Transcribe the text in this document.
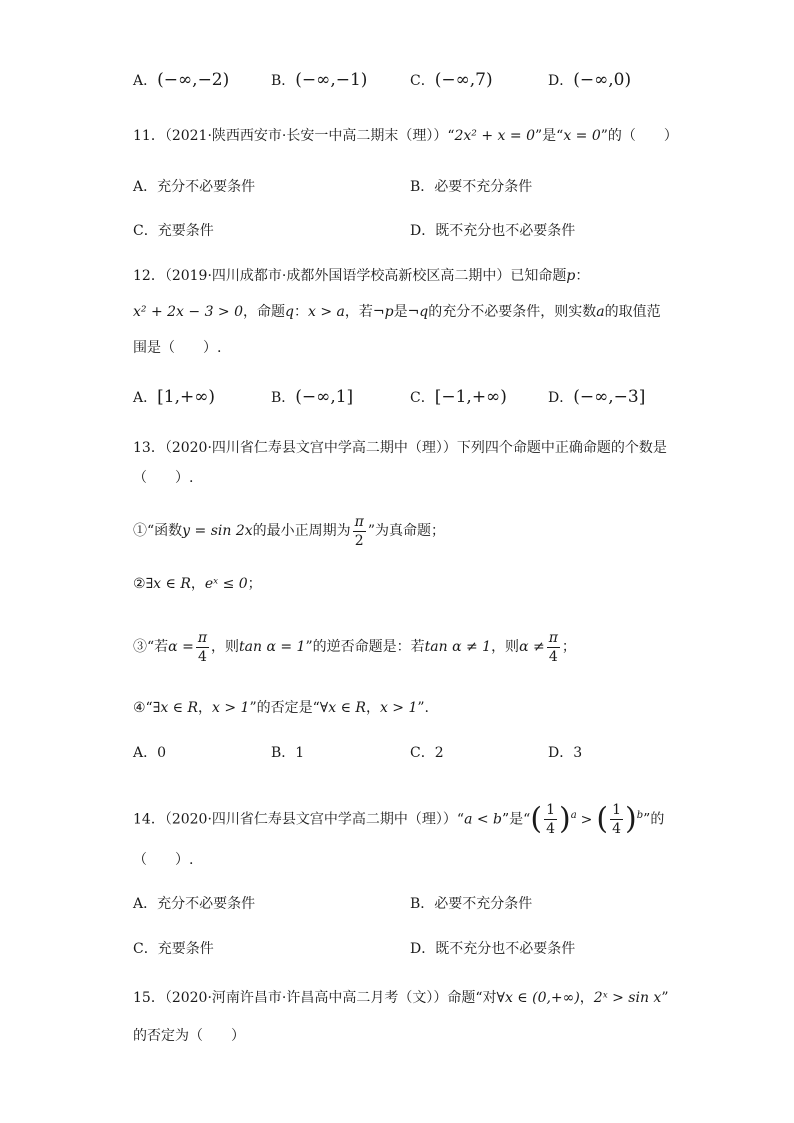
A．(−∞,−2)	B．(−∞,−1)	C．(−∞,7)	D．(−∞,0)
11．（2021·陕西西安市·长安一中高二期末（理））“2x² + x = 0”是“x = 0”的（　　）
A．充分不必要条件	B．必要不充分条件
C．充要条件	D．既不充分也不必要条件
12．（2019·四川成都市·成都外国语学校高新校区高二期中）已知命题p：
x² + 2x − 3 > 0，命题q：x > a，若¬p是¬q的充分不必要条件，则实数a的取值范
围是（　　）.
A．[1,+∞)	B．(−∞,1]	C．[−1,+∞)	D．(−∞,−3]
13．（2020·四川省仁寿县文宫中学高二期中（理））下列四个命题中正确命题的个数是
（　　）.
①“函数y = sin 2x的最小正周期为 $\frac{\pi}{2}$ ”为真命题；
②∃x ∈ R，eˣ ≤ 0；
③“若$\alpha = \frac{\pi}{4}$ ，则tan α = 1”的逆否命题是：若tan α ≠ 1，则$\alpha \ne \frac{\pi}{4}$ ；
④“∃x ∈ R，x > 1”的否定是“∀x ∈ R，x > 1”.
A．0	B．1	C．2	D．3
14．（2020·四川省仁寿县文宫中学高二期中（理））“a < b”是“( $\frac{1}{4} )^a$ > ( $\frac{1}{4} )^b$”的
（　　）.
A．充分不必要条件	B．必要不充分条件
C．充要条件	D．既不充分也不必要条件
15．（2020·河南许昌市·许昌高中高二月考（文））命题“对∀x ∈ (0,+∞)，2ˣ > sin x”
的否定为（　　）
